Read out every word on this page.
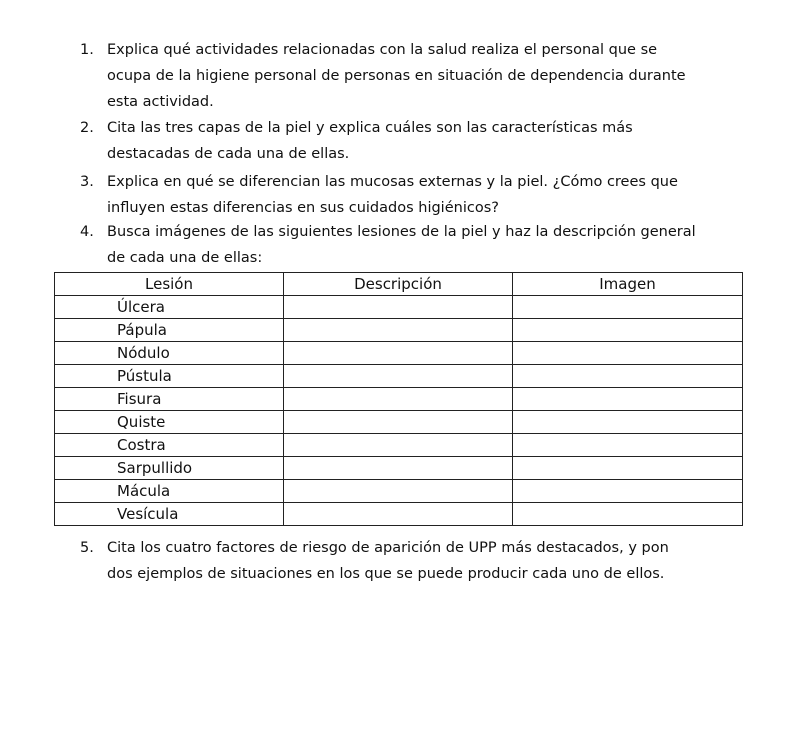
1. Explica qué actividades relacionadas con la salud realiza el personal que se
ocupa de la higiene personal de personas en situación de dependencia durante
esta actividad.
2. Cita las tres capas de la piel y explica cuáles son las características más
destacadas de cada una de ellas.
3. Explica en qué se diferencian las mucosas externas y la piel. ¿Cómo crees que
influyen estas diferencias en sus cuidados higiénicos?
4. Busca imágenes de las siguientes lesiones de la piel y haz la descripción general
de cada una de ellas:
Lesión	Descripción	Imagen
Úlcera		
Pápula		
Nódulo		
Pústula		
Fisura		
Quiste		
Costra		
Sarpullido		
Mácula		
Vesícula		
5. Cita los cuatro factores de riesgo de aparición de UPP más destacados, y pon
dos ejemplos de situaciones en los que se puede producir cada uno de ellos.
